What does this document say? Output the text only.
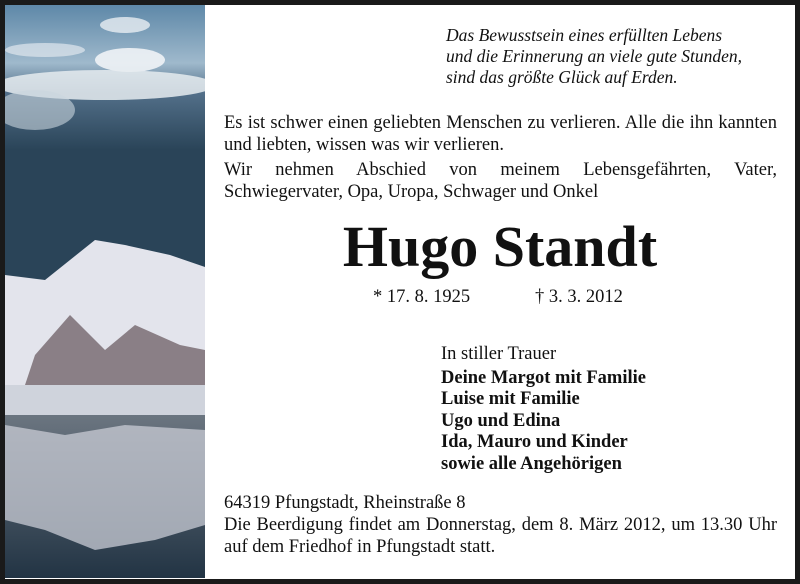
Das Bewusstsein eines erfüllten Lebens
und die Erinnerung an viele gute Stunden,
sind das größte Glück auf Erden.
Es ist schwer einen geliebten Menschen zu verlieren. Alle die ihn kannten und liebten, wissen was wir verlieren.
Wir nehmen Abschied von meinem Lebensgefährten, Vater, Schwiegervater, Opa, Uropa, Schwager und Onkel
Hugo Standt
* 17. 8. 1925	† 3. 3. 2012
In stiller Trauer
Deine Margot mit Familie
Luise mit Familie
Ugo und Edina
Ida, Mauro und Kinder
sowie alle Angehörigen
64319 Pfungstadt, Rheinstraße 8
Die Beerdigung findet am Donnerstag, dem 8. März 2012, um 13.30 Uhr auf dem Friedhof in Pfungstadt statt.
